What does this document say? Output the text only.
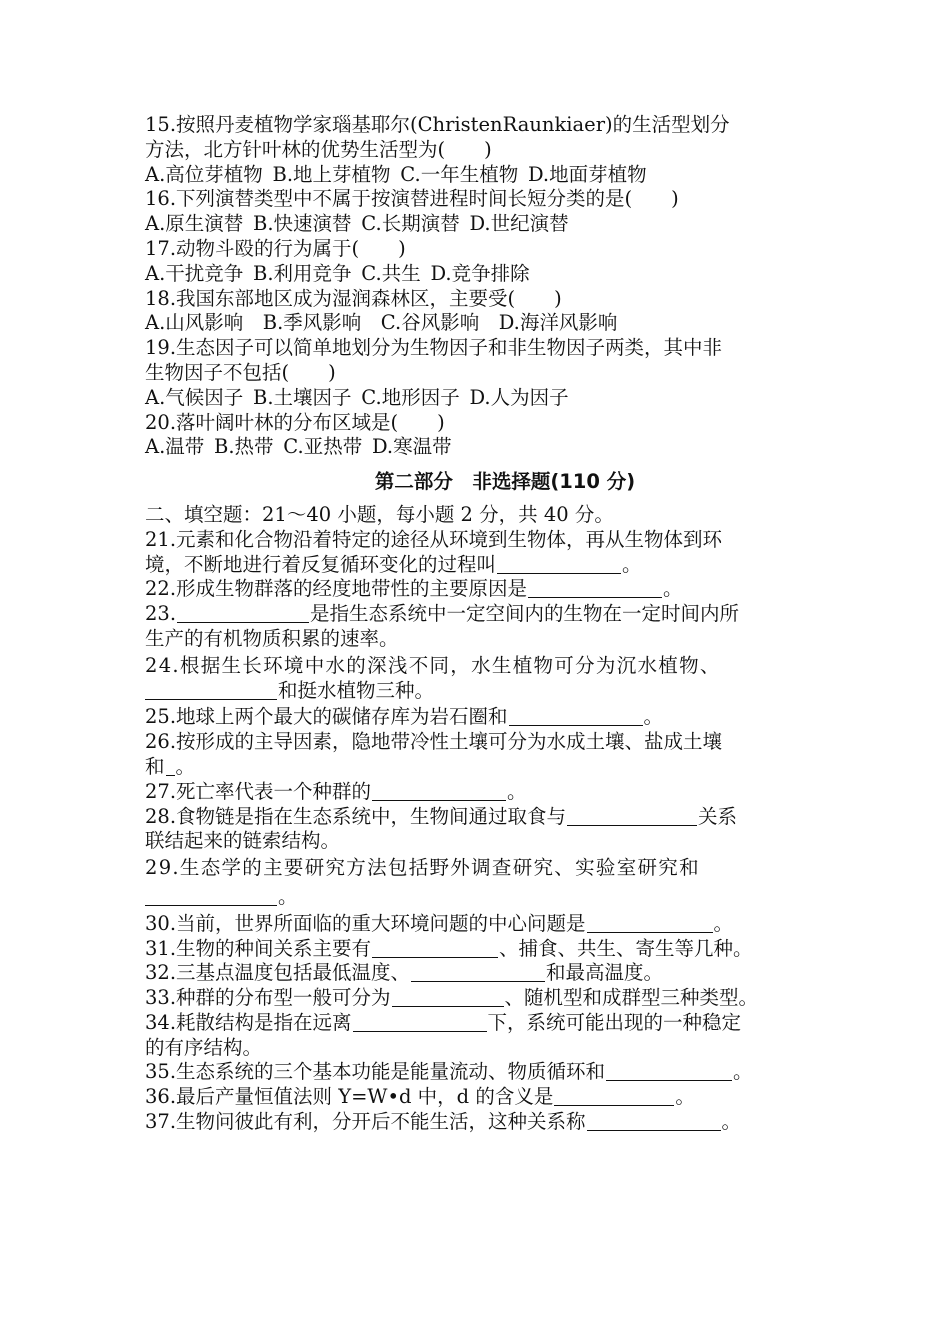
15.按照丹麦植物学家瑙基耶尔(ChristenRaunkiaer)的生活型划分
方法，北方针叶林的优势生活型为(　　)
A.高位芽植物 B.地上芽植物 C.一年生植物 D.地面芽植物
16.下列演替类型中不属于按演替进程时间长短分类的是(　　)
A.原生演替 B.快速演替 C.长期演替 D.世纪演替
17.动物斗殴的行为属于(　　)
A.干扰竞争 B.利用竞争 C.共生 D.竞争排除
18.我国东部地区成为湿润森林区，主要受(　　)
A.山风影响 B.季风影响 C.谷风影响 D.海洋风影响
19.生态因子可以简单地划分为生物因子和非生物因子两类，其中非
生物因子不包括(　　)
A.气候因子 B.土壤因子 C.地形因子 D.人为因子
20.落叶阔叶林的分布区域是(　　)
A.温带 B.热带 C.亚热带 D.寒温带
第二部分　非选择题(110 分)
二、填空题：21～40 小题，每小题 2 分，共 40 分。
21.元素和化合物沿着特定的途径从环境到生物体，再从生物体到环
境，不断地进行着反复循环变化的过程叫	。
22.形成生物群落的经度地带性的主要原因是	。
23.	是指生态系统中一定空间内的生物在一定时间内所
生产的有机物质积累的速率。
24.根据生长环境中水的深浅不同，水生植物可分为沉水植物、
和挺水植物三种。
25.地球上两个最大的碳储存库为岩石圈和	。
26.按形成的主导因素，隐地带冷性土壤可分为水成土壤、盐成土壤
和 。
27.死亡率代表一个种群的	。
28.食物链是指在生态系统中，生物间通过取食与	关系
联结起来的链索结构。
29.生态学的主要研究方法包括野外调查研究、实验室研究和
。
30.当前，世界所面临的重大环境问题的中心问题是	。
31.生物的种间关系主要有	、捕食、共生、寄生等几种。
32.三基点温度包括最低温度、	和最高温度。
33.种群的分布型一般可分为	、随机型和成群型三种类型。
34.耗散结构是指在远离	下，系统可能出现的一种稳定
的有序结构。
35.生态系统的三个基本功能是能量流动、物质循环和	。
36.最后产量恒值法则 Y=W•d 中，d 的含义是	。
37.生物问彼此有利，分开后不能生活，这种关系称	。
